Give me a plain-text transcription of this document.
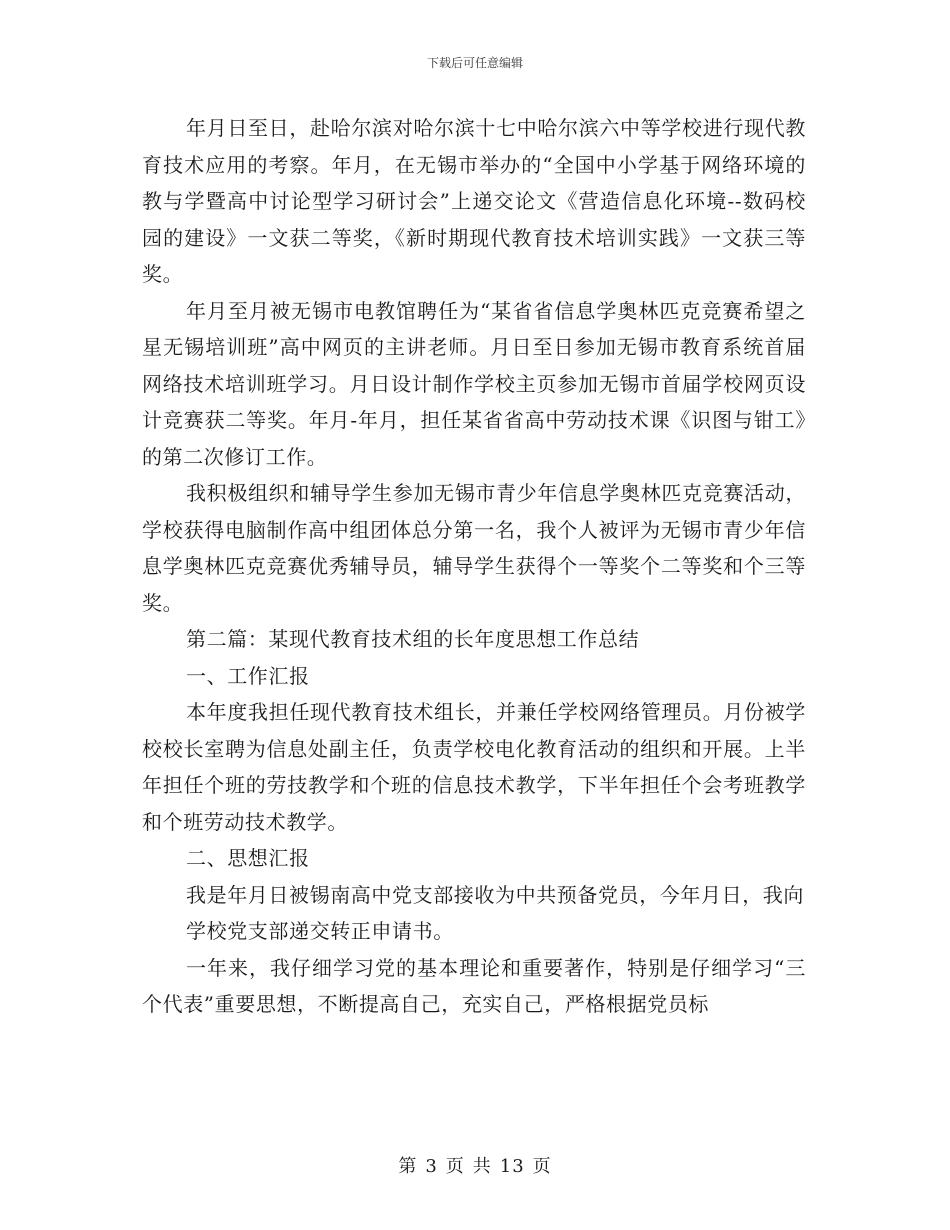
下载后可任意编辑

年月日至日，赴哈尔滨对哈尔滨十七中哈尔滨六中等学校进行现代教育技术应用的考察。年月，在无锡市举办的“全国中小学基于网络环境的教与学暨高中讨论型学习研讨会”上递交论文《营造信息化环境--数码校园的建设》一文获二等奖，《新时期现代教育技术培训实践》一文获三等奖。

年月至月被无锡市电教馆聘任为“某省省信息学奥林匹克竞赛希望之星无锡培训班”高中网页的主讲老师。月日至日参加无锡市教育系统首届网络技术培训班学习。月日设计制作学校主页参加无锡市首届学校网页设计竞赛获二等奖。年月-年月，担任某省省高中劳动技术课《识图与钳工》的第二次修订工作。

我积极组织和辅导学生参加无锡市青少年信息学奥林匹克竞赛活动，学校获得电脑制作高中组团体总分第一名，我个人被评为无锡市青少年信息学奥林匹克竞赛优秀辅导员，辅导学生获得个一等奖个二等奖和个三等奖。

第二篇：某现代教育技术组的长年度思想工作总结

一、工作汇报

本年度我担任现代教育技术组长，并兼任学校网络管理员。月份被学校校长室聘为信息处副主任，负责学校电化教育活动的组织和开展。上半年担任个班的劳技教学和个班的信息技术教学，下半年担任个会考班教学和个班劳动技术教学。

二、思想汇报

我是年月日被锡南高中党支部接收为中共预备党员，今年月日，我向

学校党支部递交转正申请书。

一年来，我仔细学习党的基本理论和重要著作，特别是仔细学习“三个代表”重要思想，不断提高自己，充实自己，严格根据党员标

第 3 页 共 13 页
